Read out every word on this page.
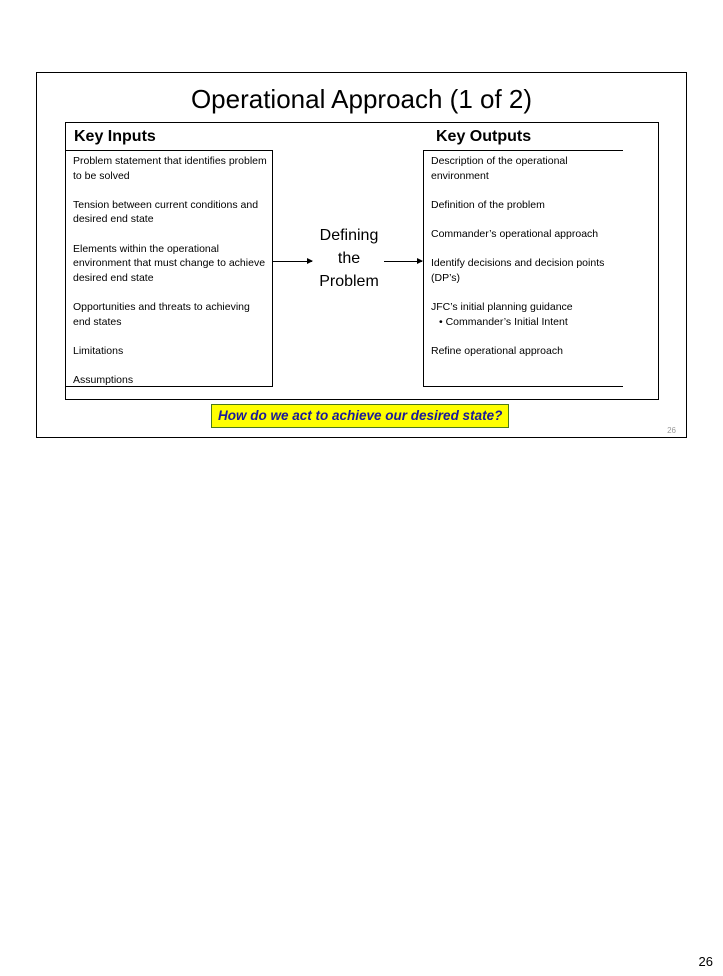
Operational Approach (1 of 2)
Key Inputs	Key Outputs
Problem statement that identifies problem to be solved
Tension between current conditions and desired end state
Elements within the operational environment that must change to achieve desired end state
Opportunities and threats to achieving end states
Limitations
Assumptions
Defining
the
Problem
Description of the operational environment
Definition of the problem
Commander’s operational approach
Identify decisions and decision points (DP’s)
JFC’s initial planning guidance
• Commander’s Initial Intent
Refine operational approach
How do we act to achieve our desired state?
26
26
